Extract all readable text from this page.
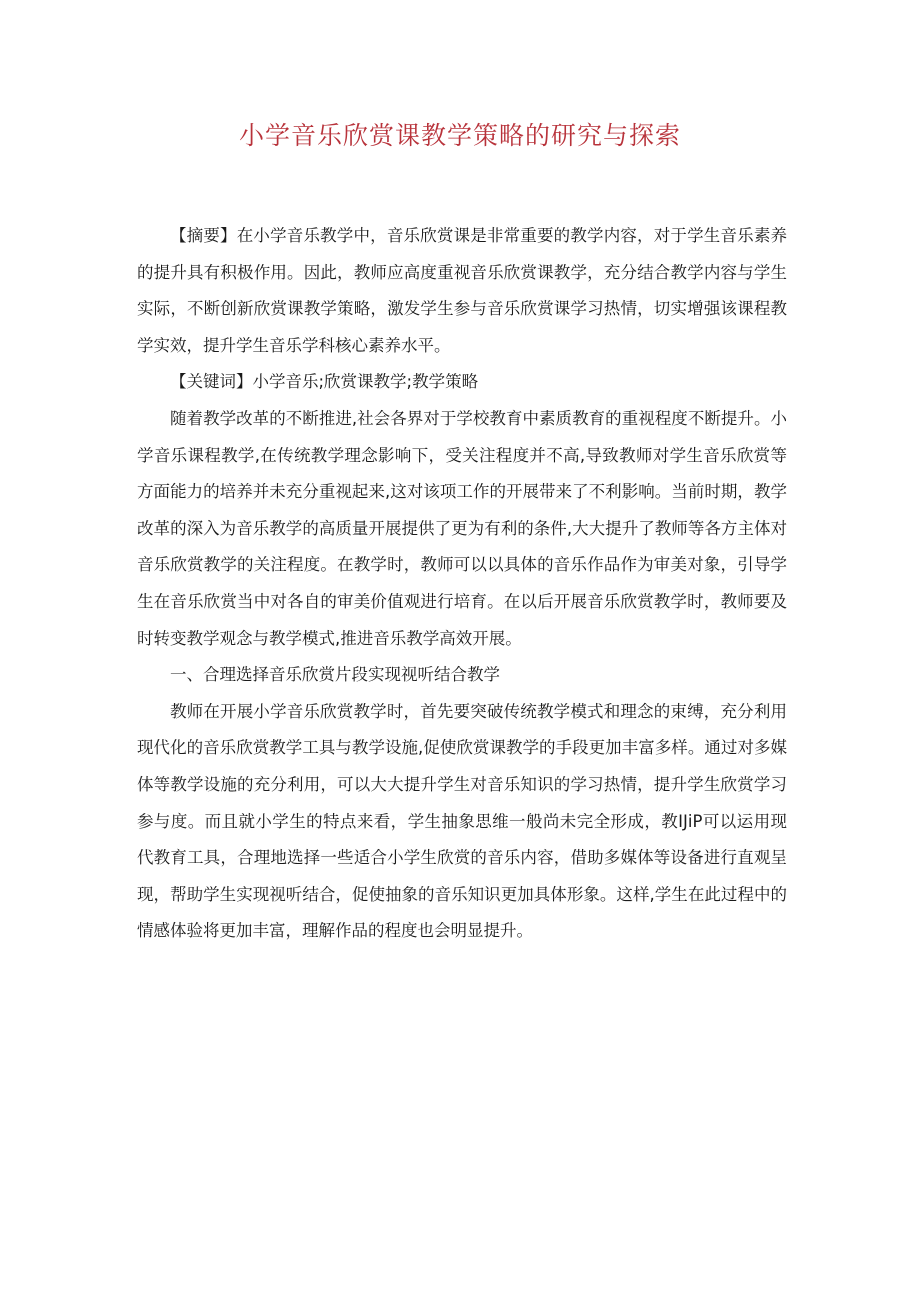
小学音乐欣赏课教学策略的研究与探索

【摘要】在小学音乐教学中，音乐欣赏课是非常重要的教学内容，对于学生音乐素养的提升具有积极作用。因此，教师应高度重视音乐欣赏课教学，充分结合教学内容与学生实际，不断创新欣赏课教学策略，激发学生参与音乐欣赏课学习热情，切实增强该课程教学实效，提升学生音乐学科核心素养水平。

【关键词】小学音乐;欣赏课教学;教学策略

随着教学改革的不断推进,社会各界对于学校教育中素质教育的重视程度不断提升。小学音乐课程教学,在传统教学理念影响下，受关注程度并不高,导致教师对学生音乐欣赏等方面能力的培养并未充分重视起来,这对该项工作的开展带来了不利影响。当前时期，教学改革的深入为音乐教学的高质量开展提供了更为有利的条件,大大提升了教师等各方主体对音乐欣赏教学的关注程度。在教学时，教师可以以具体的音乐作品作为审美对象，引导学生在音乐欣赏当中对各自的审美价值观进行培育。在以后开展音乐欣赏教学时，教师要及时转变教学观念与教学模式,推进音乐教学高效开展。

一、合理选择音乐欣赏片段实现视听结合教学

教师在开展小学音乐欣赏教学时，首先要突破传统教学模式和理念的束缚，充分利用现代化的音乐欣赏教学工具与教学设施,促使欣赏课教学的手段更加丰富多样。通过对多媒体等教学设施的充分利用，可以大大提升学生对音乐知识的学习热情，提升学生欣赏学习参与度。而且就小学生的特点来看，学生抽象思维一般尚未完全形成，教IJiP可以运用现代教育工具，合理地选择一些适合小学生欣赏的音乐内容，借助多媒体等设备进行直观呈现，帮助学生实现视听结合，促使抽象的音乐知识更加具体形象。这样,学生在此过程中的情感体验将更加丰富，理解作品的程度也会明显提升。
